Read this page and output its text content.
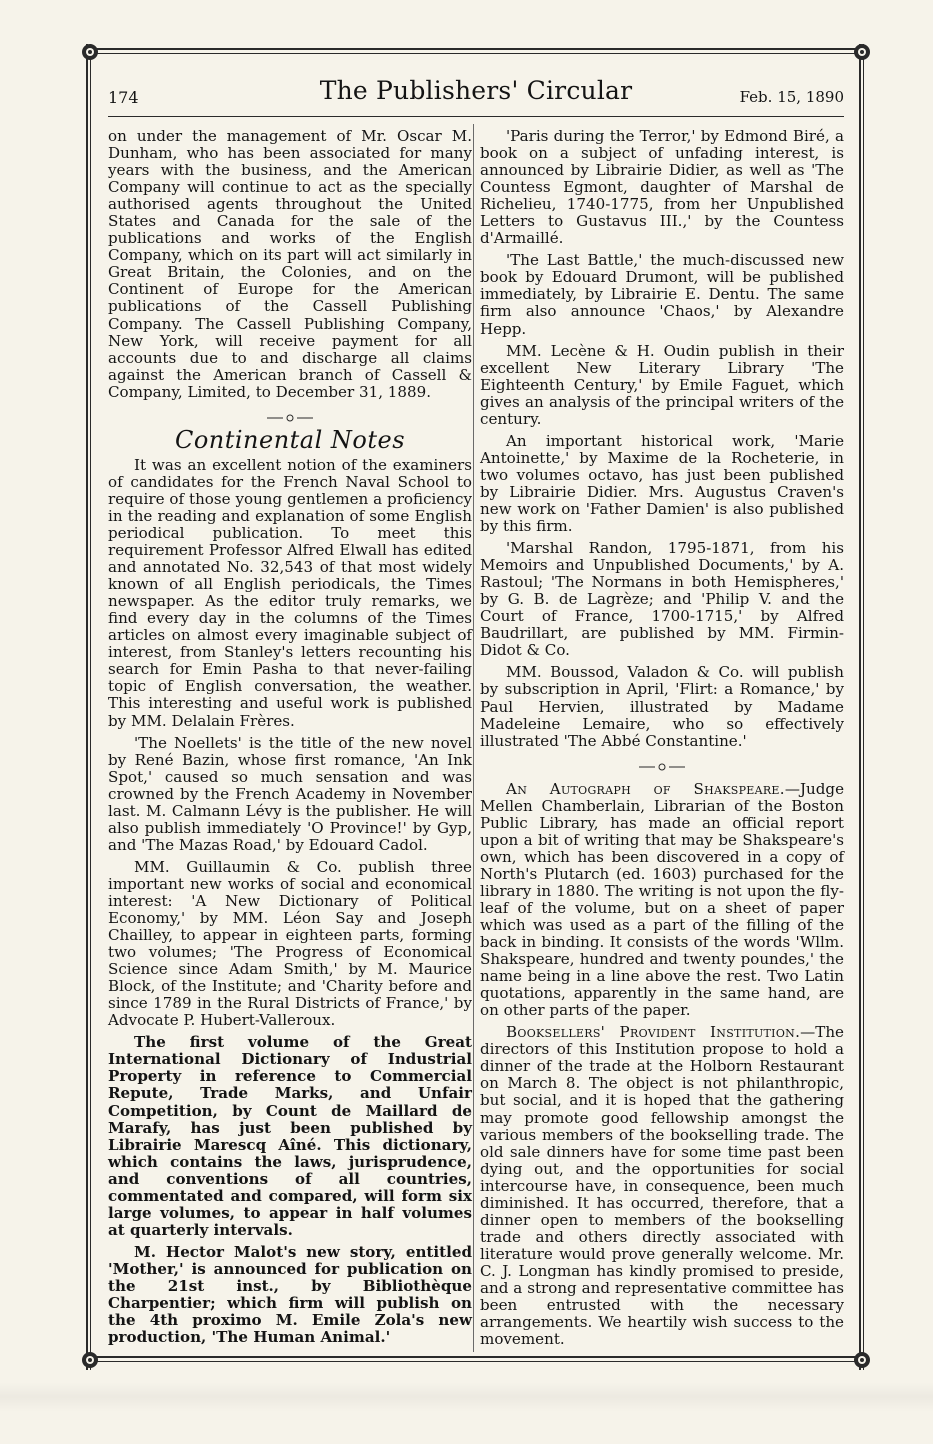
174	The Publishers' Circular	Feb. 15, 1890

on under the management of Mr. Oscar M. Dunham, who has been associated for many years with the business, and the American Company will continue to act as the specially authorised agents throughout the United States and Canada for the sale of the publications and works of the English Company, which on its part will act similarly in Great Britain, the Colonies, and on the Continent of Europe for the American publications of the Cassell Publishing Company. The Cassell Publishing Company, New York, will receive payment for all accounts due to and discharge all claims against the American branch of Cassell & Company, Limited, to December 31, 1889.

Continental Notes

It was an excellent notion of the examiners of candidates for the French Naval School to require of those young gentlemen a proficiency in the reading and explanation of some English periodical publication. To meet this requirement Professor Alfred Elwall has edited and annotated No. 32,543 of that most widely known of all English periodicals, the Times newspaper. As the editor truly remarks, we find every day in the columns of the Times articles on almost every imaginable subject of interest, from Stanley's letters recounting his search for Emin Pasha to that never-failing topic of English conversation, the weather. This interesting and useful work is published by MM. Delalain Frères.

'The Noellets' is the title of the new novel by René Bazin, whose first romance, 'An Ink Spot,' caused so much sensation and was crowned by the French Academy in November last. M. Calmann Lévy is the publisher. He will also publish immediately 'O Province!' by Gyp, and 'The Mazas Road,' by Edouard Cadol.

MM. Guillaumin & Co. publish three important new works of social and economical interest: 'A New Dictionary of Political Economy,' by MM. Léon Say and Joseph Chailley, to appear in eighteen parts, forming two volumes; 'The Progress of Economical Science since Adam Smith,' by M. Maurice Block, of the Institute; and 'Charity before and since 1789 in the Rural Districts of France,' by Advocate P. Hubert-Valleroux.

The first volume of the Great International Dictionary of Industrial Property in reference to Commercial Repute, Trade Marks, and Unfair Competition, by Count de Maillard de Marafy, has just been published by Librairie Marescq Aîné. This dictionary, which contains the laws, jurisprudence, and conventions of all countries, commentated and compared, will form six large volumes, to appear in half volumes at quarterly intervals.

M. Hector Malot's new story, entitled 'Mother,' is announced for publication on the 21st inst., by Bibliothèque Charpentier; which firm will publish on the 4th proximo M. Emile Zola's new production, 'The Human Animal.'

'Paris during the Terror,' by Edmond Biré, a book on a subject of unfading interest, is announced by Librairie Didier, as well as 'The Countess Egmont, daughter of Marshal de Richelieu, 1740-1775, from her Unpublished Letters to Gustavus III.,' by the Countess d'Armaillé.

'The Last Battle,' the much-discussed new book by Edouard Drumont, will be published immediately, by Librairie E. Dentu. The same firm also announce 'Chaos,' by Alexandre Hepp.

MM. Lecène & H. Oudin publish in their excellent New Literary Library 'The Eighteenth Century,' by Emile Faguet, which gives an analysis of the principal writers of the century.

An important historical work, 'Marie Antoinette,' by Maxime de la Rocheterie, in two volumes octavo, has just been published by Librairie Didier. Mrs. Augustus Craven's new work on 'Father Damien' is also published by this firm.

'Marshal Randon, 1795-1871, from his Memoirs and Unpublished Documents,' by A. Rastoul; 'The Normans in both Hemispheres,' by G. B. de Lagrèze; and 'Philip V. and the Court of France, 1700-1715,' by Alfred Baudrillart, are published by MM. Firmin-Didot & Co.

MM. Boussod, Valadon & Co. will publish by subscription in April, 'Flirt: a Romance,' by Paul Hervien, illustrated by Madame Madeleine Lemaire, who so effectively illustrated 'The Abbé Constantine.'

An Autograph of Shakspeare.—Judge Mellen Chamberlain, Librarian of the Boston Public Library, has made an official report upon a bit of writing that may be Shakspeare's own, which has been discovered in a copy of North's Plutarch (ed. 1603) purchased for the library in 1880. The writing is not upon the fly-leaf of the volume, but on a sheet of paper which was used as a part of the filling of the back in binding. It consists of the words 'Wllm. Shakspeare, hundred and twenty poundes,' the name being in a line above the rest. Two Latin quotations, apparently in the same hand, are on other parts of the paper.

Booksellers' Provident Institution.—The directors of this Institution propose to hold a dinner of the trade at the Holborn Restaurant on March 8. The object is not philanthropic, but social, and it is hoped that the gathering may promote good fellowship amongst the various members of the bookselling trade. The old sale dinners have for some time past been dying out, and the opportunities for social intercourse have, in consequence, been much diminished. It has occurred, therefore, that a dinner open to members of the bookselling trade and others directly associated with literature would prove generally welcome. Mr. C. J. Longman has kindly promised to preside, and a strong and representative committee has been entrusted with the necessary arrangements. We heartily wish success to the movement.
